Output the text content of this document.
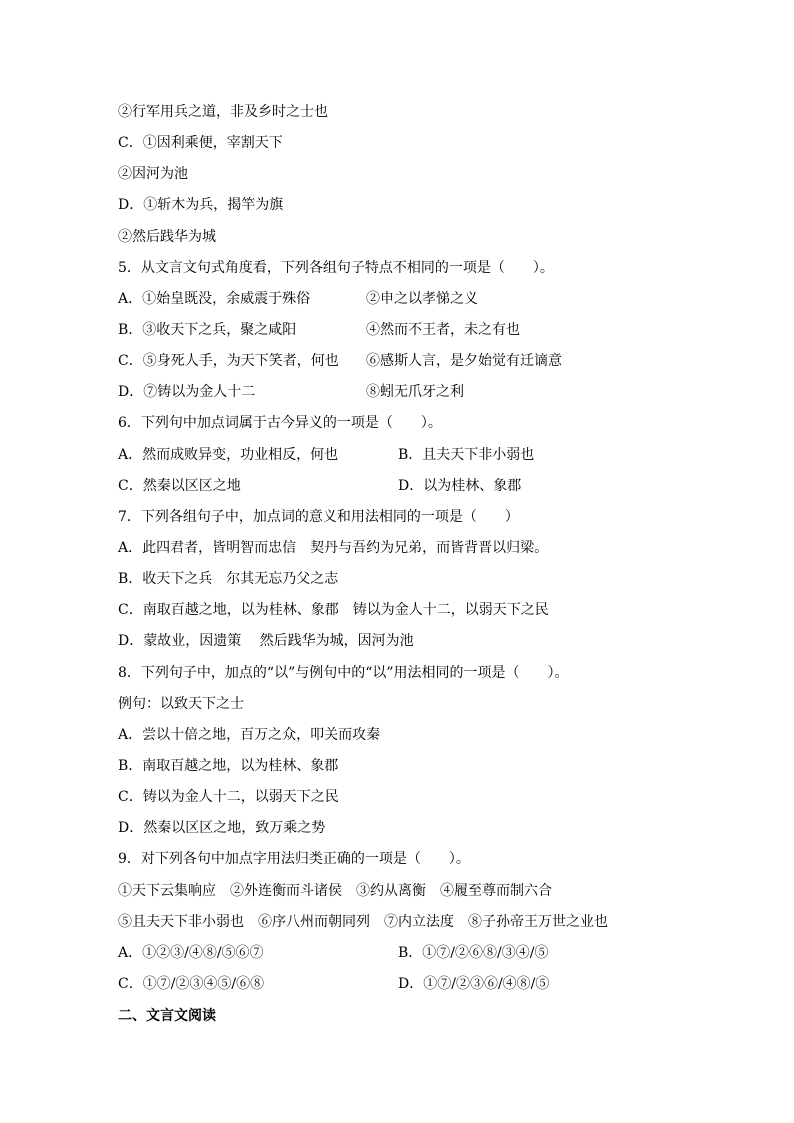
②行军用兵之道，非及乡时之士也
C．①因利乘便，宰割天下
②因河为池
D．①斩木为兵，揭竿为旗
②然后践华为城
5．从文言文句式角度看，下列各组句子特点不相同的一项是（　　）。
A．①始皇既没，余威震于殊俗	②申之以孝悌之义
B．③收天下之兵，聚之咸阳	④然而不王者，未之有也
C．⑤身死人手，为天下笑者，何也 ⑥感斯人言，是夕始觉有迁谪意
D．⑦铸以为金人十二	⑧蚓无爪牙之利
6．下列句中加点词属于古今异义的一项是（　　）。
A．然而成败异变，功业相反，何也	B．且夫天下非小弱也
C．然秦以区区之地	D．以为桂林、象郡
7．下列各组句子中，加点词的意义和用法相同的一项是（　　）
A．此四君者，皆明智而忠信　契丹与吾约为兄弟，而皆背晋以归梁。
B．收天下之兵　尔其无忘乃父之志
C．南取百越之地，以为桂林、象郡　铸以为金人十二，以弱天下之民
D．蒙故业，因遗策　 然后践华为城，因河为池
8．下列句子中，加点的“以”与例句中的“以”用法相同的一项是（　　）。
例句：以致天下之士
A．尝以十倍之地，百万之众，叩关而攻秦
B．南取百越之地，以为桂林、象郡
C．铸以为金人十二，以弱天下之民
D．然秦以区区之地，致万乘之势
9．对下列各句中加点字用法归类正确的一项是（　　）。
①天下云集响应　②外连衡而斗诸侯　③约从离衡　④履至尊而制六合
⑤且夫天下非小弱也　⑥序八州而朝同列　⑦内立法度　⑧子孙帝王万世之业也
A．①②③/④⑧/⑤⑥⑦	B．①⑦/②⑥⑧/③④/⑤
C．①⑦/②③④⑤/⑥⑧	D．①⑦/②③⑥/④⑧/⑤
二、文言文阅读
